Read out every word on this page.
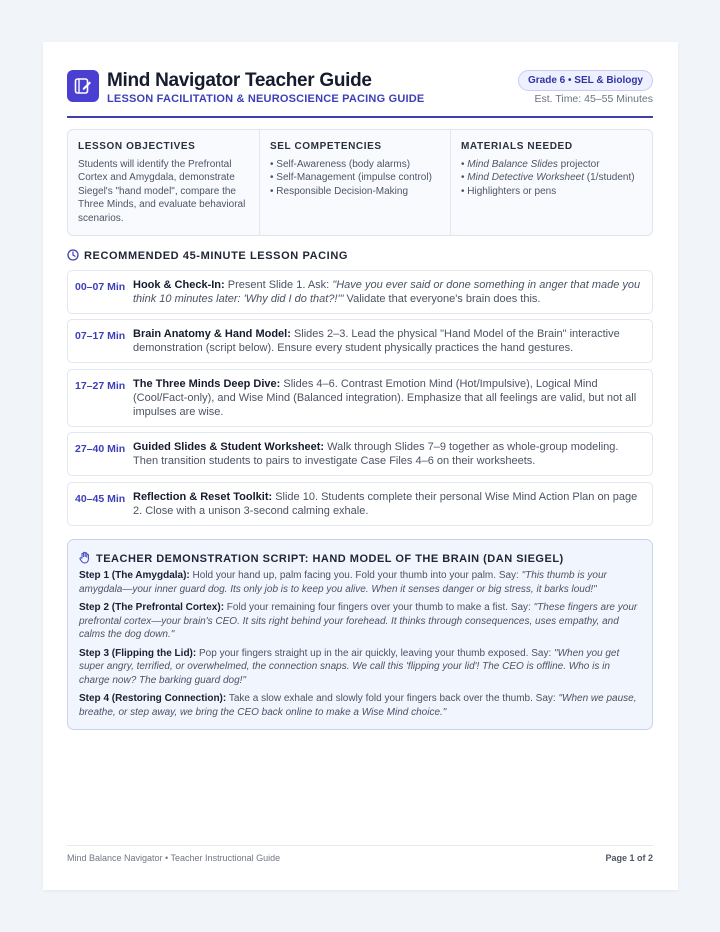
Mind Navigator Teacher Guide
LESSON FACILITATION & NEUROSCIENCE PACING GUIDE
Grade 6 • SEL & Biology
Est. Time: 45–55 Minutes
LESSON OBJECTIVES
Students will identify the Prefrontal Cortex and Amygdala, demonstrate Siegel's "hand model", compare the Three Minds, and evaluate behavioral scenarios.
SEL COMPETENCIES
• Self-Awareness (body alarms)
• Self-Management (impulse control)
• Responsible Decision-Making
MATERIALS NEEDED
• Mind Balance Slides projector
• Mind Detective Worksheet (1/student)
• Highlighters or pens
RECOMMENDED 45-MINUTE LESSON PACING
00–07 Min Hook & Check-In: Present Slide 1. Ask: "Have you ever said or done something in anger that made you think 10 minutes later: 'Why did I do that?!'" Validate that everyone's brain does this.
07–17 Min Brain Anatomy & Hand Model: Slides 2–3. Lead the physical "Hand Model of the Brain" interactive demonstration (script below). Ensure every student physically practices the hand gestures.
17–27 Min The Three Minds Deep Dive: Slides 4–6. Contrast Emotion Mind (Hot/Impulsive), Logical Mind (Cool/Fact-only), and Wise Mind (Balanced integration). Emphasize that all feelings are valid, but not all impulses are wise.
27–40 Min Guided Slides & Student Worksheet: Walk through Slides 7–9 together as whole-group modeling. Then transition students to pairs to investigate Case Files 4–6 on their worksheets.
40–45 Min Reflection & Reset Toolkit: Slide 10. Students complete their personal Wise Mind Action Plan on page 2. Close with a unison 3-second calming exhale.
TEACHER DEMONSTRATION SCRIPT: HAND MODEL OF THE BRAIN (DAN SIEGEL)

Step 1 (The Amygdala): Hold your hand up, palm facing you. Fold your thumb into your palm. Say: "This thumb is your amygdala—your inner guard dog. Its only job is to keep you alive. When it senses danger or big stress, it barks loud!"

Step 2 (The Prefrontal Cortex): Fold your remaining four fingers over your thumb to make a fist. Say: "These fingers are your prefrontal cortex—your brain's CEO. It sits right behind your forehead. It thinks through consequences, uses empathy, and calms the dog down."

Step 3 (Flipping the Lid): Pop your fingers straight up in the air quickly, leaving your thumb exposed. Say: "When you get super angry, terrified, or overwhelmed, the connection snaps. We call this 'flipping your lid'! The CEO is offline. Who is in charge now? The barking guard dog!"

Step 4 (Restoring Connection): Take a slow exhale and slowly fold your fingers back over the thumb. Say: "When we pause, breathe, or step away, we bring the CEO back online to make a Wise Mind choice."

Mind Balance Navigator • Teacher Instructional Guide	Page 1 of 2
